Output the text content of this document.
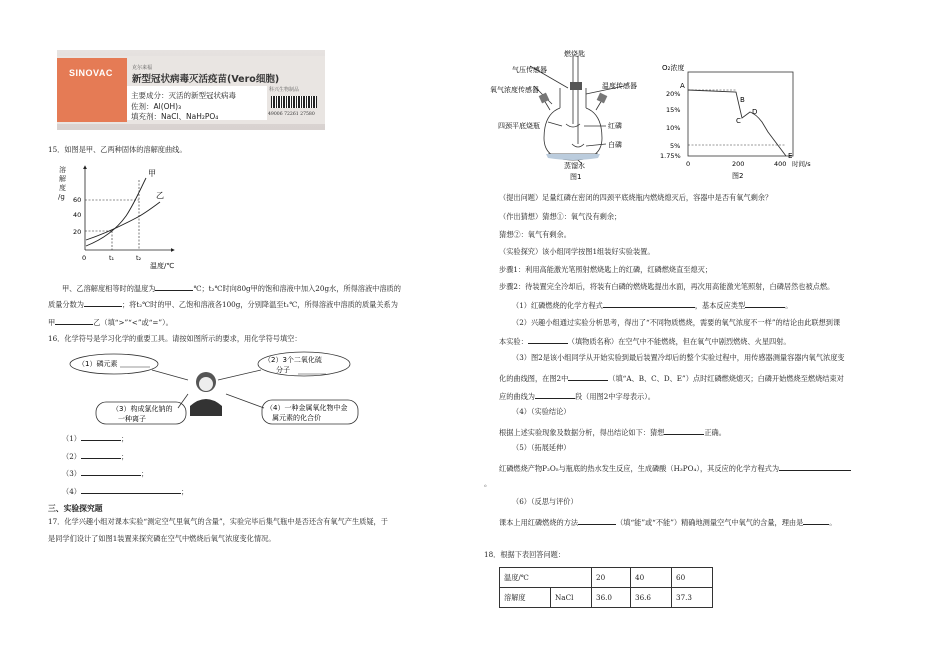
SINOVAC	克尔来福
新型冠状病毒灭活疫苗(Vero细胞)
科兴生物制品
主要成分：灭活的新型冠状病毒
佐剂：Al(OH)₃
填充剂：NaCl、NaH₂PO₄	49006 72261 27580
15．如图是甲、乙两种固体的溶解度曲线。
溶
解
度
/g 60
40
20
甲
乙
0	t₁	t₂
温度/℃
甲、乙溶解度相等时的温度为	℃；t₂℃时向80g甲的饱和溶液中加入20g水，所得溶液中溶质的
质量分数为	；将t₂℃时的甲、乙饱和溶液各100g，分别降温至t₁℃，所得溶液中溶质的质量关系为
甲	乙（填“>”“<”或“=”）。
16．化学符号是学习化学的重要工具。请按如图所示的要求，用化学符号填空：
（1）磷元素	（2）3个二氧化硫
分子
（3）构成氯化钠的
一种离子
（4）一种金属氧化物中金
属元素的化合价
（1）	；
（2）	；
（3）	；
（4）	；
三、实验探究题
17．化学兴趣小组对课本实验“测定空气里氧气的含量”，实验完毕后集气瓶中是否还含有氧气产生质疑，于
是同学们设计了如图1装置来探究磷在空气中燃烧后氧气浓度变化情况。
燃烧匙
气压传感器
氧气浓度传感器	温度传感器
四颈平底烧瓶	红磷
白磷
蒸馏水
图1
O₂浓度
20%
15%
10%
5%
1.75%
A
B
C
D
E
0	200	400 时间/s
图2
（提出问题）足量红磷在密闭的四颈平底烧瓶内燃烧熄灭后，容器中是否有氧气剩余？
（作出猜想）猜想①：氧气没有剩余；
猜想②：氧气有剩余。
（实验探究）该小组同学按图1组装好实验装置。
步骤1：利用高能激光笔照射燃烧匙上的红磷，红磷燃烧直至熄灭；
步骤2：待装置完全冷却后，将装有白磷的燃烧匙提出水面，再次用高能激光笔照射，白磷居然也被点燃。
（1）红磷燃烧的化学方程式	，基本反应类型	。
（2）兴趣小组通过实验分析思考，得出了“不同物质燃烧，需要的氧气浓度不一样”的结论由此联想到课
本实验：	（填物质名称）在空气中不能燃烧，但在氧气中剧烈燃烧、火星四射。
（3）图2是该小组同学从开始实验到最后装置冷却后的整个实验过程中，用传感器测量容器内氧气浓度变
化的曲线图，在图2中	（填“A、B、C、D、E”）点时红磷燃烧熄灭；白磷开始燃烧至燃烧结束对
应的曲线为	段（用图2中字母表示）。
（4）（实验结论）
根据上述实验现象及数据分析，得出结论如下：猜想	正确。
（5）（拓展延伸）
红磷燃烧产物P₂O₅与瓶底的热水发生反应，生成磷酸（H₃PO₄），其反应的化学方程式为
。
（6）（反思与评价）
课本上用红磷燃烧的方法	（填“能”或“不能”）精确地测量空气中氧气的含量，理由是	。
18．根据下表回答问题：
温度/℃		20	40	60
溶解度	NaCl	36.0	36.6	37.3
